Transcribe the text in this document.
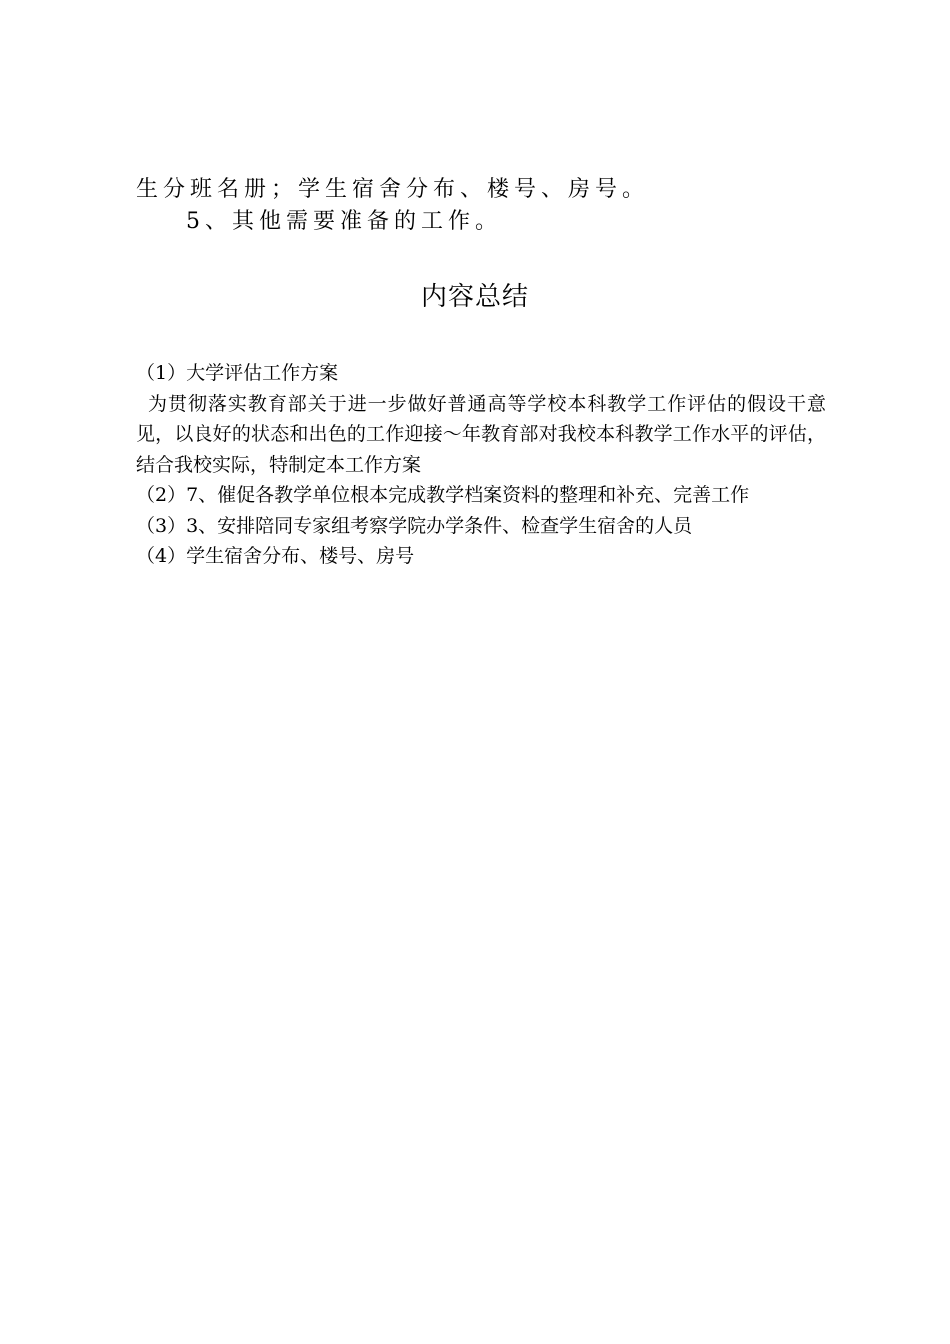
生分班名册；学生宿舍分布、楼号、房号。
5、其他需要准备的工作。
内容总结

（1）大学评估工作方案

为贯彻落实教育部关于进一步做好普通高等学校本科教学工作评估的假设干意见，以良好的状态和出色的工作迎接～年教育部对我校本科教学工作水平的评估，结合我校实际，特制定本工作方案

（2）7、催促各教学单位根本完成教学档案资料的整理和补充、完善工作

（3）3、安排陪同专家组考察学院办学条件、检查学生宿舍的人员

（4）学生宿舍分布、楼号、房号
